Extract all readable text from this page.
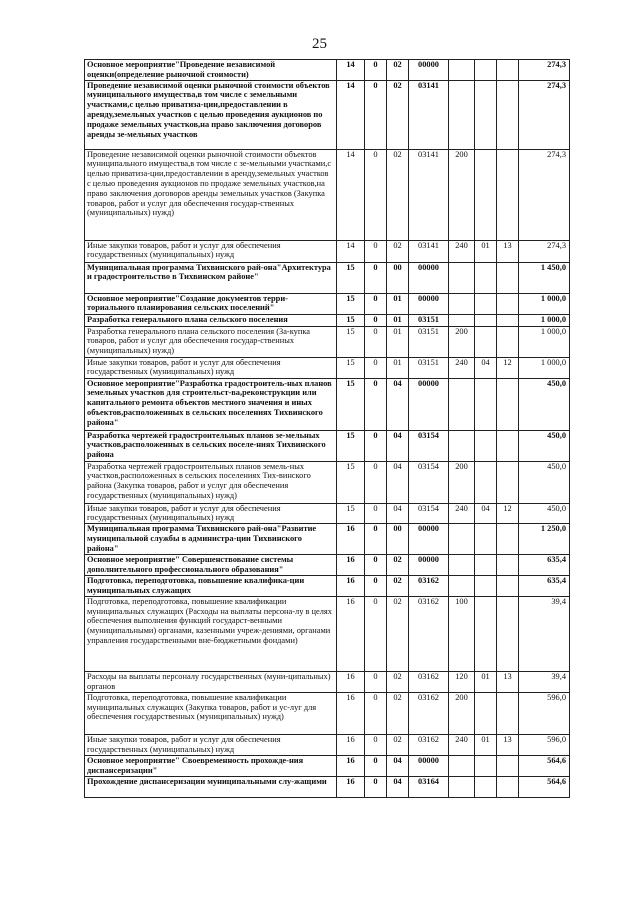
25
Основное мероприятие"Проведение независимой оценки(определение рыночной стоимости)	14	0	02	00000				274,3
Проведение независимой оценки рыночной стоимости объектов муниципального имущества,в том числе с земельными участками,с целью приватиза-ции,предоставлении в аренду,земельных участков с целью проведения аукционов по продаже земельных участков,на право заключения договоров аренды зе-мельных участков	14	0	02	03141				274,3
Проведение независимой оценки рыночной стоимости объектов муниципального имущества,в том числе с зе-мельными участками,с целью приватиза-ции,предоставлении в аренду,земельных участков с целью проведения аукционов по продаже земельных участков,на право заключения договоров аренды земельных участков (Закупка товаров, работ и услуг для обеспечения государ-ственных (муниципальных) нужд)	14	0	02	03141	200			274,3
Иные закупки товаров, работ и услуг для обеспечения государственных (муниципальных) нужд	14	0	02	03141	240	01	13	274,3
Муниципальная программа Тихвинского рай-она"Архитектура и градостроительство в Тихвинском районе"	15	0	00	00000				1 450,0
Основное мероприятие"Создание документов терри-ториального планирования сельских поселений"	15	0	01	00000				1 000,0
Разработка генерального плана сельского поселения	15	0	01	03151				1 000,0
Разработка генерального плана сельского поселения (За-купка товаров, работ и услуг для обеспечения государ-ственных (муниципальных) нужд)	15	0	01	03151	200			1 000,0
Иные закупки товаров, работ и услуг для обеспечения государственных (муниципальных) нужд	15	0	01	03151	240	04	12	1 000,0
Основное мероприятие"Разработка градостроитель-ных планов земельных участков для строительст-ва,реконструкции или капитального ремонта объектов местного значения и иных объектов,расположенных в сельских поселениях Тихвинского района"	15	0	04	00000				450,0
Разработка чертежей градостроительных планов зе-мельных участков,расположенных в сельских поселе-ниях Тихвинского района	15	0	04	03154				450,0
Разработка чертежей градостроительных планов земель-ных участков,расположенных в сельских поселениях Тих-винского района (Закупка товаров, работ и услуг для обеспечения государственных (муниципальных) нужд)	15	0	04	03154	200			450,0
Иные закупки товаров, работ и услуг для обеспечения государственных (муниципальных) нужд	15	0	04	03154	240	04	12	450,0
Муниципальная программа Тихвинского рай-она"Развитие муниципальной службы в администра-ции Тихвинского района"	16	0	00	00000				1 250,0
Основное мероприятие" Совершенствование системы дополнительного профессионального образования"	16	0	02	00000				635,4
Подготовка, переподготовка, повышение квалифика-ции муниципальных служащих	16	0	02	03162				635,4
Подготовка, переподготовка, повышение квалификации муниципальных служащих (Расходы на выплаты персона-лу в целях обеспечения выполнения функций государст-венными (муниципальными) органами, казенными учреж-дениями, органами управления государственными вне-бюджетными фондами)	16	0	02	03162	100			39,4
Расходы на выплаты персоналу государственных (муни-ципальных) органов	16	0	02	03162	120	01	13	39,4
Подготовка, переподготовка, повышение квалификации муниципальных служащих (Закупка товаров, работ и ус-луг для обеспечения государственных (муниципальных) нужд)	16	0	02	03162	200			596,0
Иные закупки товаров, работ и услуг для обеспечения государственных (муниципальных) нужд	16	0	02	03162	240	01	13	596,0
Основное мероприятие" Своевременность прохожде-ния диспансеризации"	16	0	04	00000				564,6
Прохождение диспансеризации муниципальными слу-жащими	16	0	04	03164				564,6
